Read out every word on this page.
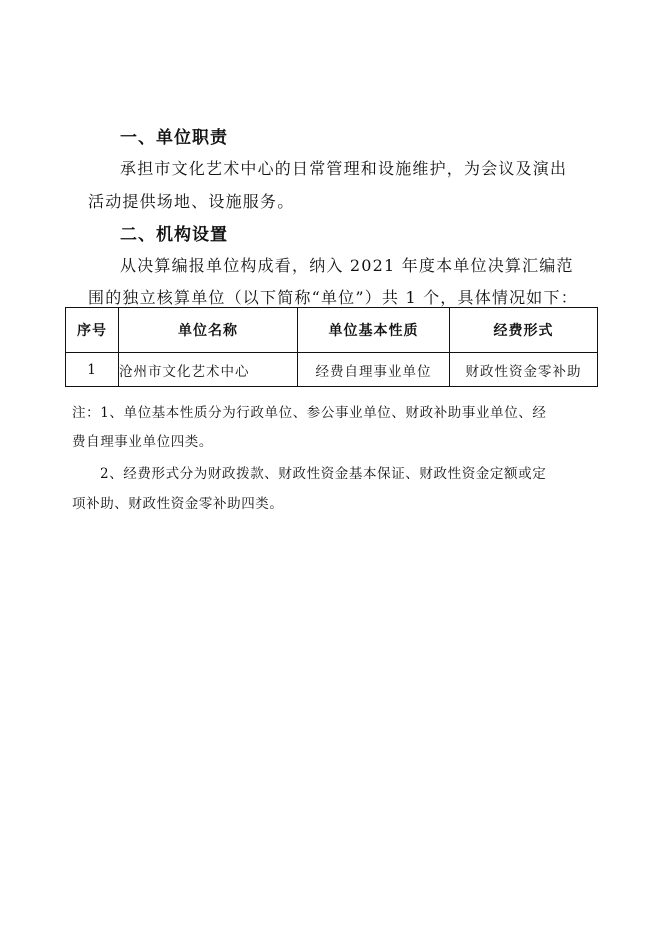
一、单位职责

承担市文化艺术中心的日常管理和设施维护，为会议及演出

活动提供场地、设施服务。

二、机构设置

从决算编报单位构成看，纳入 2021 年度本单位决算汇编范

围的独立核算单位（以下简称“单位”）共 1 个，具体情况如下：

序号	单位名称	单位基本性质	经费形式
1	沧州市文化艺术中心	经费自理事业单位	财政性资金零补助

注：1、单位基本性质分为行政单位、参公事业单位、财政补助事业单位、经

费自理事业单位四类。

2、经费形式分为财政拨款、财政性资金基本保证、财政性资金定额或定

项补助、财政性资金零补助四类。
